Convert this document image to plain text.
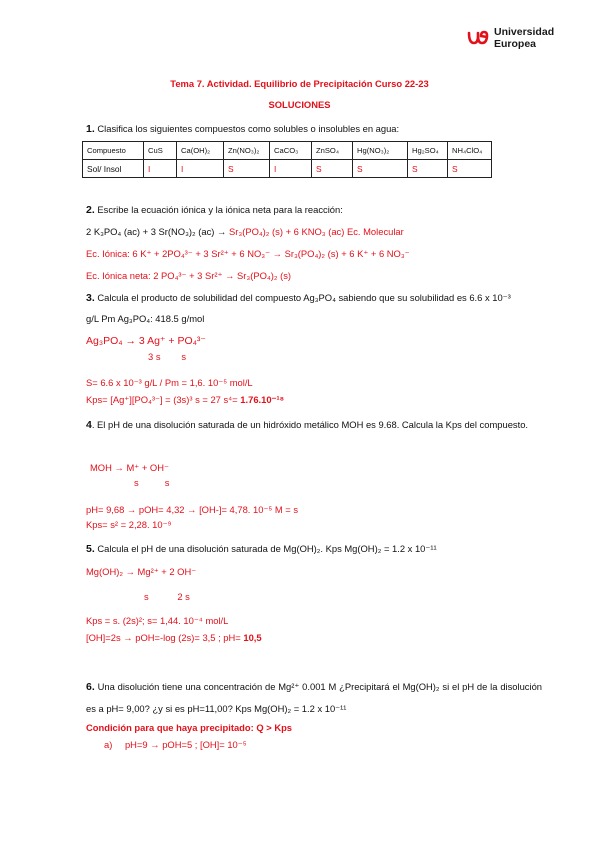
Universidad
Europea
Tema 7. Actividad. Equilibrio de Precipitación Curso 22-23
SOLUCIONES
1. Clasifica los siguientes compuestos como solubles o insolubles en agua:
Compuesto	CuS	Ca(OH)₂	Zn(NO₃)₂	CaCO₃	ZnSO₄	Hg(NO₃)₂	Hg₂SO₄	NH₄ClO₄
Sol/ Insol	I	I	S	I	S	S	S	S
2. Escribe la ecuación iónica y la iónica neta para la reacción:
2 K₃PO₄ (ac) + 3 Sr(NO₃)₂ (ac) → Sr₃(PO₄)₂ (s) + 6 KNO₃ (ac) Ec. Molecular
Ec. Iónica: 6 K⁺ + 2PO₄³⁻ + 3 Sr²⁺ + 6 NO₃⁻ → Sr₃(PO₄)₂ (s) + 6 K⁺ + 6 NO₃⁻
Ec. Iónica neta: 2 PO₄³⁻ + 3 Sr²⁺ → Sr₃(PO₄)₂ (s)
3. Calcula el producto de solubilidad del compuesto Ag₃PO₄ sabiendo que su solubilidad es 6.6 x 10⁻³
g/L Pm Ag₃PO₄: 418.5 g/mol
Ag₃PO₄ → 3 Ag⁺ + PO₄³⁻
3 s        s
S= 6.6 x 10⁻³ g/L / Pm = 1,6. 10⁻⁵ mol/L
Kps= [Ag⁺][PO₄³⁻] = (3s)³ s = 27 s⁴= 1.76.10⁻¹⁸
4. El pH de una disolución saturada de un hidróxido metálico MOH es 9.68. Calcula la Kps del compuesto.
MOH → M⁺ + OH⁻
s          s
pH= 9,68 → pOH= 4,32 → [OH-]= 4,78. 10⁻⁵ M = s
Kps= s² = 2,28. 10⁻⁹
5. Calcula el pH de una disolución saturada de Mg(OH)₂. Kps Mg(OH)₂ = 1.2 x 10⁻¹¹
Mg(OH)₂ → Mg²⁺ + 2 OH⁻
s           2 s
Kps = s. (2s)²; s= 1,44. 10⁻⁴ mol/L
[OH]=2s → pOH=-log (2s)= 3,5 ; pH= 10,5
6. Una disolución tiene una concentración de Mg²⁺ 0.001 M ¿Precipitará el Mg(OH)₂ si el pH de la disolución es a pH= 9,00? ¿y si es pH=11,00? Kps Mg(OH)₂ = 1.2 x 10⁻¹¹
Condición para que haya precipitado: Q > Kps
a) pH=9 → pOH=5 ; [OH]= 10⁻⁵
